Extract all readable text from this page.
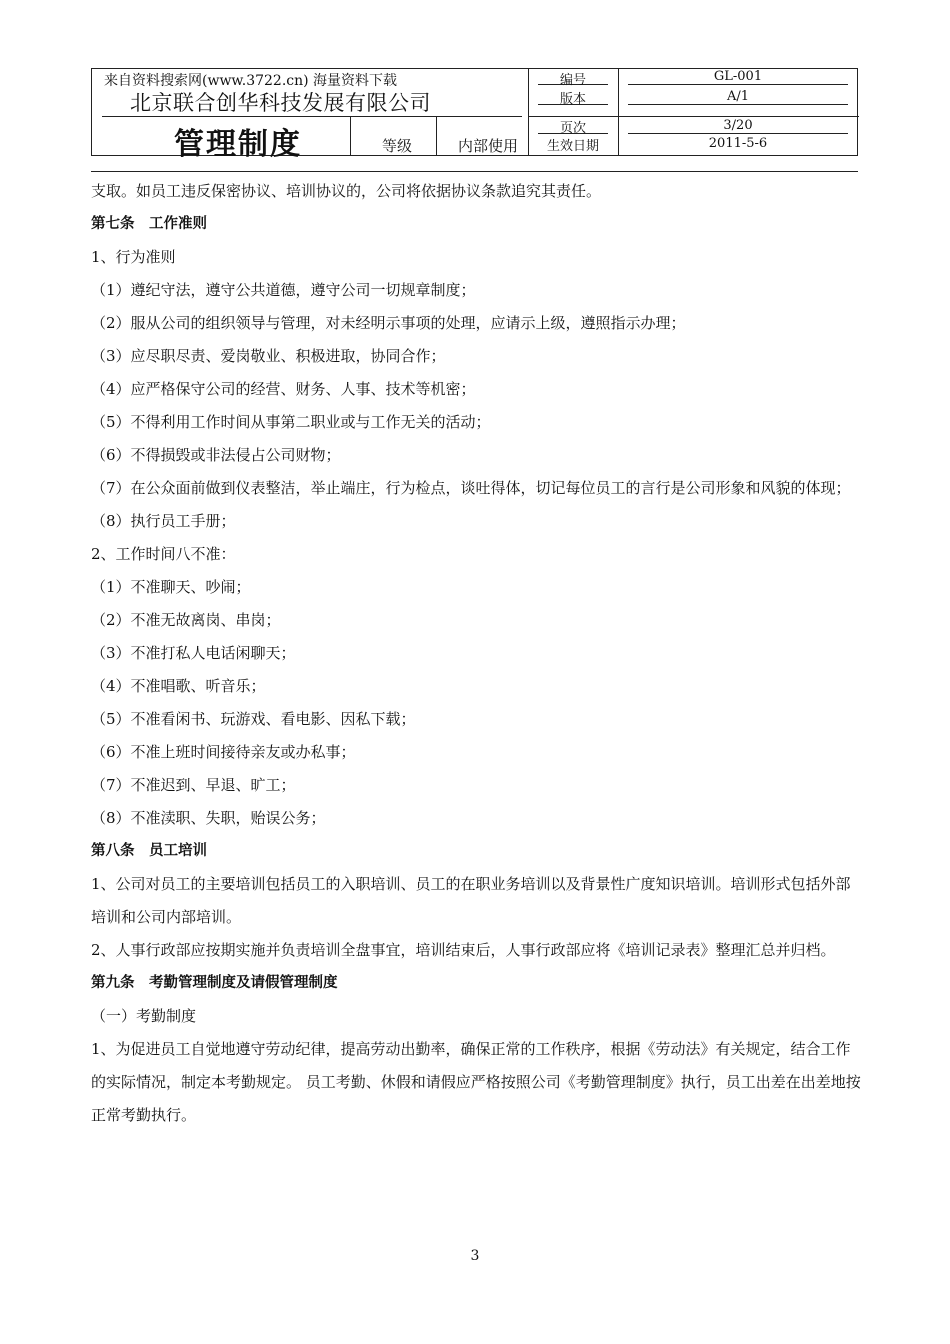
来自资料搜索网(www.3722.cn) 海量资料下载
北京联合创华科技发展有限公司
管理制度	等级	内部使用
编号	GL-001
版本	A/1
页次	3/20
生效日期	2011-5-6

支取。如员工违反保密协议、培训协议的，公司将依据协议条款追究其责任。

第七条　工作准则

1、行为准则

（1）遵纪守法，遵守公共道德，遵守公司一切规章制度；

（2）服从公司的组织领导与管理，对未经明示事项的处理，应请示上级，遵照指示办理；

（3）应尽职尽责、爱岗敬业、积极进取，协同合作；

（4）应严格保守公司的经营、财务、人事、技术等机密；

（5）不得利用工作时间从事第二职业或与工作无关的活动；

（6）不得损毁或非法侵占公司财物；

（7）在公众面前做到仪表整洁，举止端庄，行为检点，谈吐得体，切记每位员工的言行是公司形象和风貌的体现；

（8）执行员工手册；

2、工作时间八不准：

（1）不准聊天、吵闹；

（2）不准无故离岗、串岗；

（3）不准打私人电话闲聊天；

（4）不准唱歌、听音乐；

（5）不准看闲书、玩游戏、看电影、因私下载；

（6）不准上班时间接待亲友或办私事；

（7）不准迟到、早退、旷工；

（8）不准渎职、失职，贻误公务；

第八条　员工培训

1、公司对员工的主要培训包括员工的入职培训、员工的在职业务培训以及背景性广度知识培训。培训形式包括外部培训和公司内部培训。

2、人事行政部应按期实施并负责培训全盘事宜，培训结束后，人事行政部应将《培训记录表》整理汇总并归档。

第九条　考勤管理制度及请假管理制度

（一）考勤制度

1、为促进员工自觉地遵守劳动纪律，提高劳动出勤率，确保正常的工作秩序，根据《劳动法》有关规定，结合工作的实际情况，制定本考勤规定。 员工考勤、休假和请假应严格按照公司《考勤管理制度》执行，员工出差在出差地按正常考勤执行。

3
